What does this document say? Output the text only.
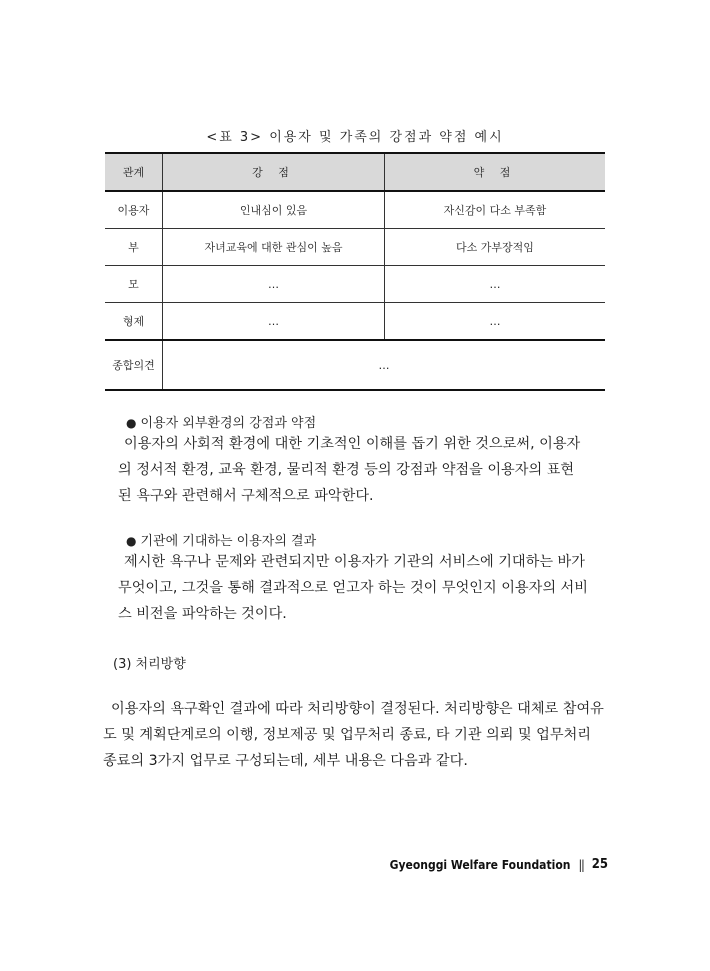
<표 3> 이용자 및 가족의 강점과 약점 예시
관계	강 점	약 점
이용자	인내심이 있음	자신감이 다소 부족함
부	자녀교육에 대한 관심이 높음	다소 가부장적임
모	…	…
형제	…	…
종합의견	…	
● 이용자 외부환경의 강점과 약점
이용자의 사회적 환경에 대한 기초적인 이해를 돕기 위한 것으로써, 이용자
의 정서적 환경, 교육 환경, 물리적 환경 등의 강점과 약점을 이용자의 표현
된 욕구와 관련해서 구체적으로 파악한다.
● 기관에 기대하는 이용자의 결과
제시한 욕구나 문제와 관련되지만 이용자가 기관의 서비스에 기대하는 바가
무엇이고, 그것을 통해 결과적으로 얻고자 하는 것이 무엇인지 이용자의 서비
스 비전을 파악하는 것이다.
(3) 처리방향
이용자의 욕구확인 결과에 따라 처리방향이 결정된다. 처리방향은 대체로 참여유
도 및 계획단계로의 이행, 정보제공 및 업무처리 종료, 타 기관 의뢰 및 업무처리
종료의 3가지 업무로 구성되는데, 세부 내용은 다음과 같다.
Gyeonggi Welfare Foundation || 25
